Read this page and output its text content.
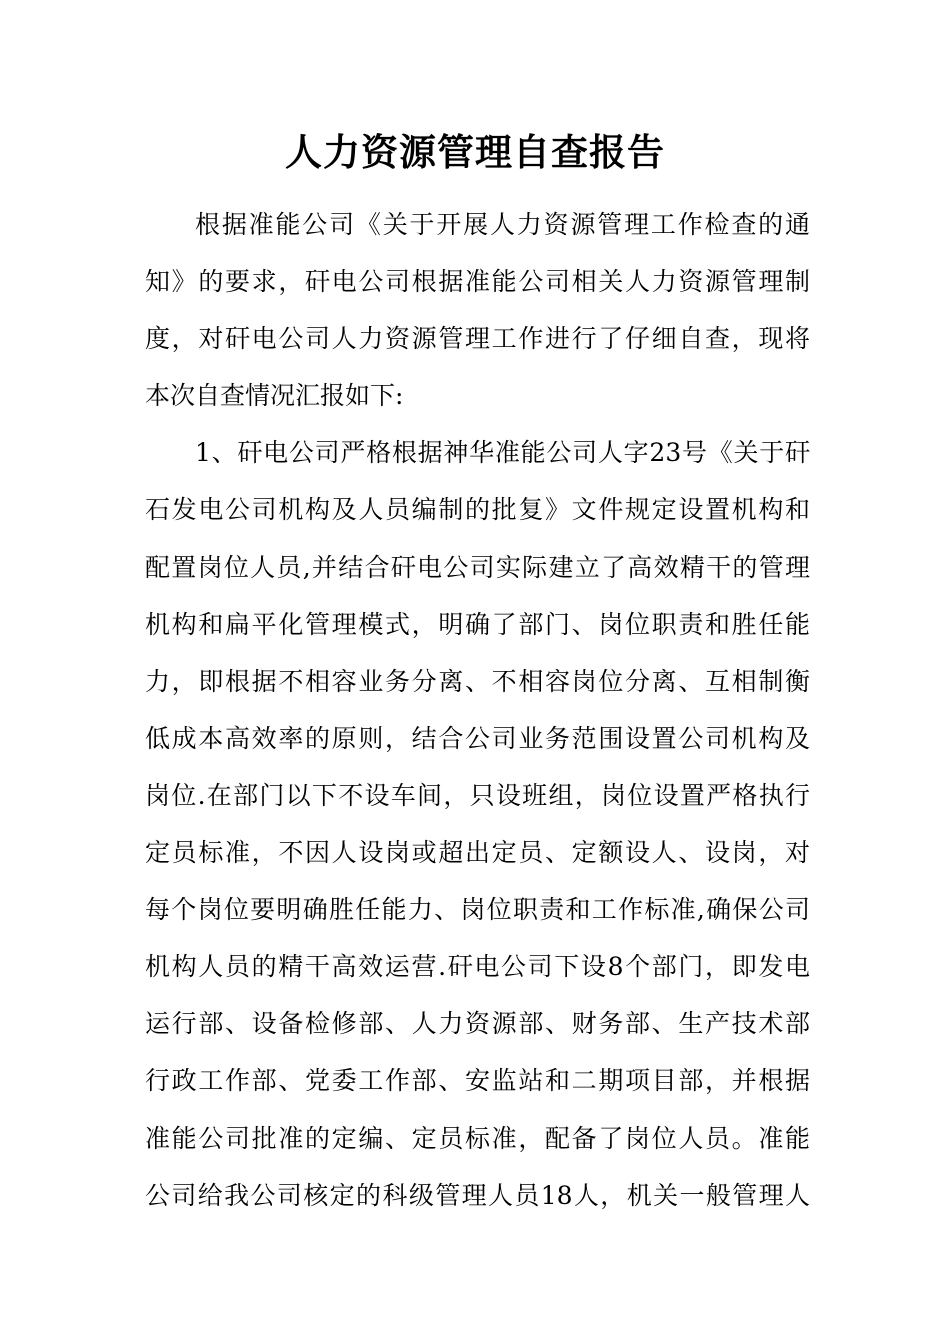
人力资源管理自查报告
根据准能公司《关于开展人力资源管理工作检查的通
知》的要求，矸电公司根据准能公司相关人力资源管理制
度，对矸电公司人力资源管理工作进行了仔细自查，现将
本次自查情况汇报如下:
1、矸电公司严格根据神华准能公司人字23号《关于矸
石发电公司机构及人员编制的批复》文件规定设置机构和
配置岗位人员,并结合矸电公司实际建立了高效精干的管理
机构和扁平化管理模式，明确了部门、岗位职责和胜任能
力，即根据不相容业务分离、不相容岗位分离、互相制衡
低成本高效率的原则，结合公司业务范围设置公司机构及
岗位.在部门以下不设车间，只设班组，岗位设置严格执行
定员标准，不因人设岗或超出定员、定额设人、设岗，对
每个岗位要明确胜任能力、岗位职责和工作标准,确保公司
机构人员的精干高效运营.矸电公司下设8个部门，即发电
运行部、设备检修部、人力资源部、财务部、生产技术部
行政工作部、党委工作部、安监站和二期项目部，并根据
准能公司批准的定编、定员标准，配备了岗位人员。准能
公司给我公司核定的科级管理人员18人，机关一般管理人
